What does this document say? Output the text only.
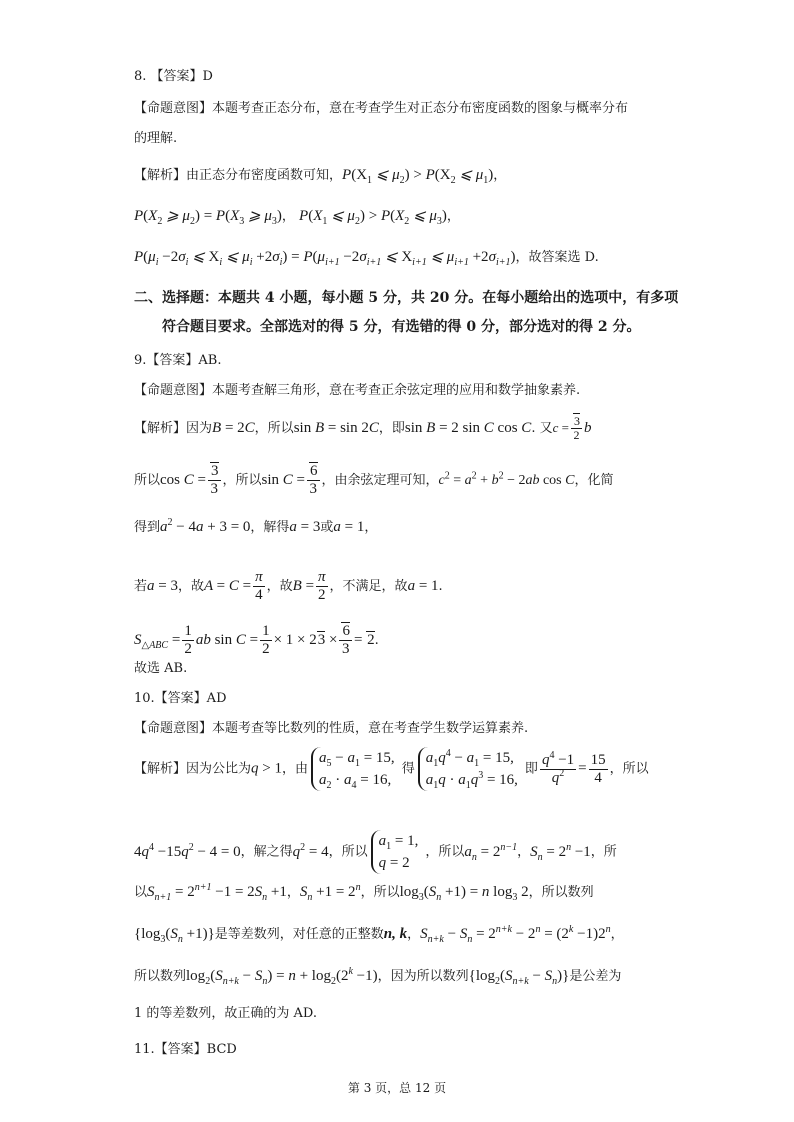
8. 【答案】D
【命题意图】本题考查正态分布，意在考查学生对正态分布密度函数的图象与概率分布
的理解.
【解析】由正态分布密度函数可知，$P(X_1$ ⩽ $\mu_2) > P(X_2$ ⩽ $\mu_1$)，
$P(X_2$ ⩾ $\mu_2) = P(X_3$ ⩾ $\mu_3$)， $P(X_1$ ⩽ $\mu_2) > P(X_2$ ⩽ $\mu_3$)，
$P(\mu_i -2\sigma_i$ ⩽ $X_i$ ⩽ $\mu_i +2\sigma_i) = P(\mu_{i+1} -2\sigma_{i+1}$ ⩽ $X_{i+1}$ ⩽ $\mu_{i+1} +2\sigma_{i+1}$)，故答案选 D.
二、选择题：本题共 4 小题，每小题 5 分，共 20 分。在每小题给出的选项中，有多项
符合题目要求。全部选对的得 5 分，有选错的得 0 分，部分选对的得 2 分。
9.【答案】AB.
【命题意图】本题考查解三角形，意在考查正余弦定理的应用和数学抽象素养.
【解析】因为B = 2C，所以sin B = sin 2C，即sin B = 2 sin C cos C. 又$c = \frac{3}{2}$ b
所以$\cos C = \frac{3}{3}$ ，所以$\sin C = \frac{6}{3}$ ，由余弦定理可知，$c^2 = a^2 + b^2 - 2ab$ cos C，化简
得到$a^2 - 4a + 3 = 0$，解得a = 3或a = 1，
若a = 3，故$A = C = \frac{\pi}{4}$ ，故$B = \frac{\pi}{2}$ ，不满足，故a = 1.
$S_{\triangle ABC} = \frac{1}{2}$ ab $\sin C = \frac{1}{2} \times 1 \times 23 \times \frac{6}{3} = 2$.
故选 AB.
10.【答案】AD
【命题意图】本题考查等比数列的性质，意在考查学生数学运算素养.
【解析】因为公比为q > 1，由
$a_5 - a_1 = 15$,
$a_2 \cdot a_4 = 16$,
得
$a_1q^4 - a_1 = 15$,
$a_1q \cdot a_1q^3 = 16$,
即 $\frac{q^4 -1}{q^2} = \frac{15}{4}$ ，所以
$4q^4 -15q^2 - 4 = 0$，解之得$q^2 = 4$，所以
$a_1 = 1$,
q = 2
，所以$a_n = 2^{n-1}$，$S_n = 2^n -1$，所
以$S_{n+1} = 2^{n+1} -1 = 2S_n +1$，$S_n +1 = 2^n$，所以$\log_3(S_n +1) = n$ $\log_3 2$，所以数列
$\{\log_3(S_n +1)\}$是等差数列，对任意的正整数n, k，$S_{n+k} - S_n = 2^{n+k} - 2^n = (2^k -1)2^n$，
所以数列$\log_2(S_{n+k} - S_n) = n + \log_2(2^k -1)$，因为所以数列$\{\log_2(S_{n+k} - S_n)\}$是公差为
1 的等差数列，故正确的为 AD.
11.【答案】BCD
第 3 页，总 12 页
